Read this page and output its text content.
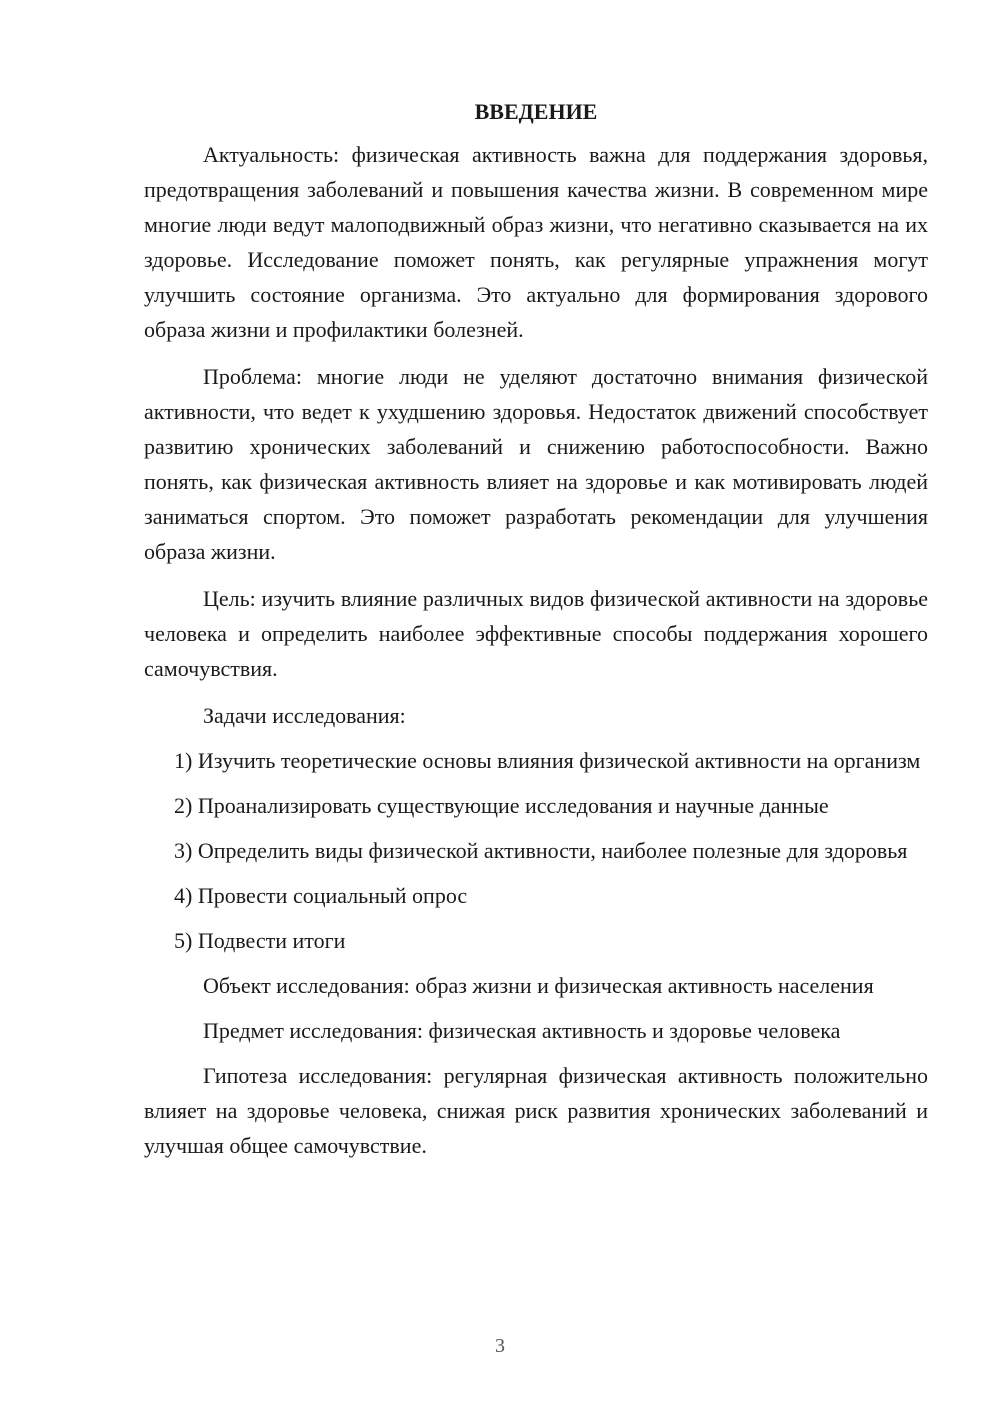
ВВЕДЕНИЕ

Актуальность: физическая активность важна для поддержания здоровья, предотвращения заболеваний и повышения качества жизни. В современном мире многие люди ведут малоподвижный образ жизни, что негативно сказывается на их здоровье. Исследование поможет понять, как регулярные упражнения могут улучшить состояние организма. Это актуально для формирования здорового образа жизни и профилактики болезней.

Проблема: многие люди не уделяют достаточно внимания физической активности, что ведет к ухудшению здоровья. Недостаток движений способствует развитию хронических заболеваний и снижению работоспособности. Важно понять, как физическая активность влияет на здоровье и как мотивировать людей заниматься спортом. Это поможет разработать рекомендации для улучшения образа жизни.

Цель: изучить влияние различных видов физической активности на здоровье человека и определить наиболее эффективные способы поддержания хорошего самочувствия.

Задачи исследования:

1) Изучить теоретические основы влияния физической активности на организм

2) Проанализировать существующие исследования и научные данные

3) Определить виды физической активности, наиболее полезные для здоровья

4) Провести социальный опрос

5) Подвести итоги

Объект исследования: образ жизни и физическая активность населения

Предмет исследования: физическая активность и здоровье человека

Гипотеза исследования: регулярная физическая активность положительно влияет на здоровье человека, снижая риск развития хронических заболеваний и улучшая общее самочувствие.

3
